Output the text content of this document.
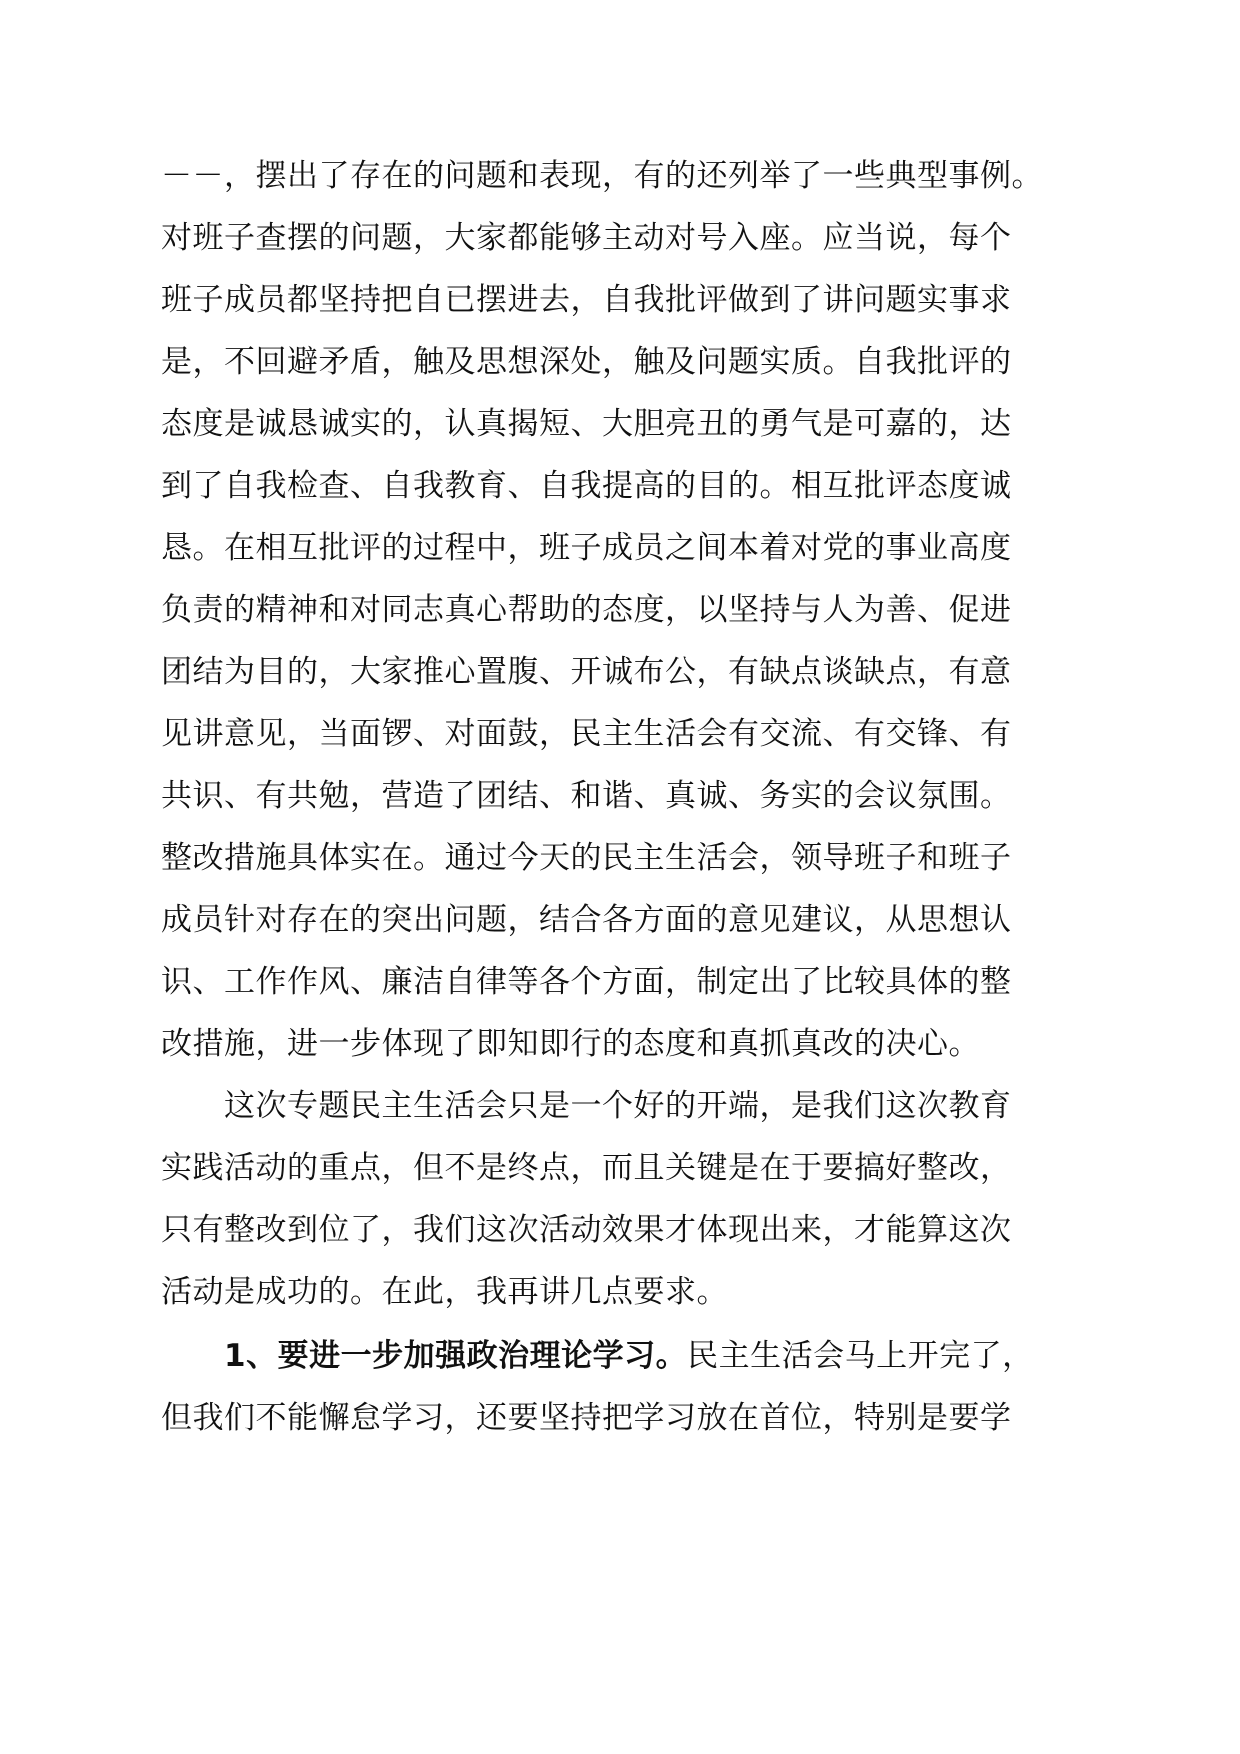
－－，摆出了存在的问题和表现，有的还列举了一些典型事例。
对班子查摆的问题，大家都能够主动对号入座。应当说，每个
班子成员都坚持把自已摆进去，自我批评做到了讲问题实事求
是，不回避矛盾，触及思想深处，触及问题实质。自我批评的
态度是诚恳诚实的，认真揭短、大胆亮丑的勇气是可嘉的，达
到了自我检查、自我教育、自我提高的目的。相互批评态度诚
恳。在相互批评的过程中，班子成员之间本着对党的事业高度
负责的精神和对同志真心帮助的态度，以坚持与人为善、促进
团结为目的，大家推心置腹、开诚布公，有缺点谈缺点，有意
见讲意见，当面锣、对面鼓，民主生活会有交流、有交锋、有
共识、有共勉，营造了团结、和谐、真诚、务实的会议氛围。
整改措施具体实在。通过今天的民主生活会，领导班子和班子
成员针对存在的突出问题，结合各方面的意见建议，从思想认
识、工作作风、廉洁自律等各个方面，制定出了比较具体的整
改措施，进一步体现了即知即行的态度和真抓真改的决心。
这次专题民主生活会只是一个好的开端，是我们这次教育
实践活动的重点，但不是终点，而且关键是在于要搞好整改，
只有整改到位了，我们这次活动效果才体现出来，才能算这次
活动是成功的。在此，我再讲几点要求。
1、要进一步加强政治理论学习。民主生活会马上开完了，
但我们不能懈怠学习，还要坚持把学习放在首位，特别是要学
